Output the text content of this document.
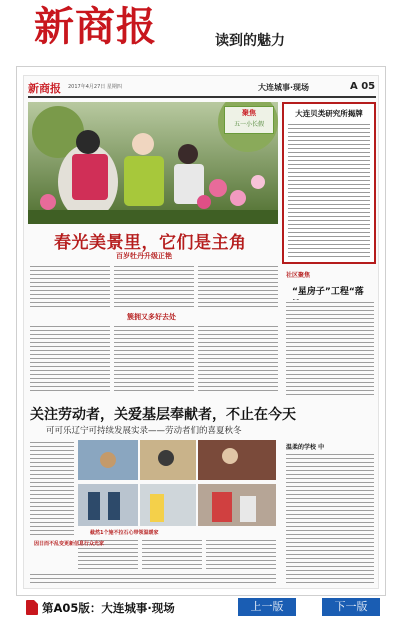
新商报	读到的魅力
新商报 2017年4月27日 星期四	大连城事·现场	A 05
聚焦
五一小长假
春光美景里，它们是主角
百岁牡丹升级正艳
簇拥又多好去处
大连贝类研究所揭牌
社区聚焦
“星房子”工程“落
关注劳动者，关爱基层奉献者，不止在今天
可可乐辽宁可持续发展实录——劳动者们的喜夏秋冬
截然1个施不拉石心带领温暖家
因日而不乱变更新信息行众光家
温柔的学校 中
第A05版：大连城事·现场	上一版	下一版
